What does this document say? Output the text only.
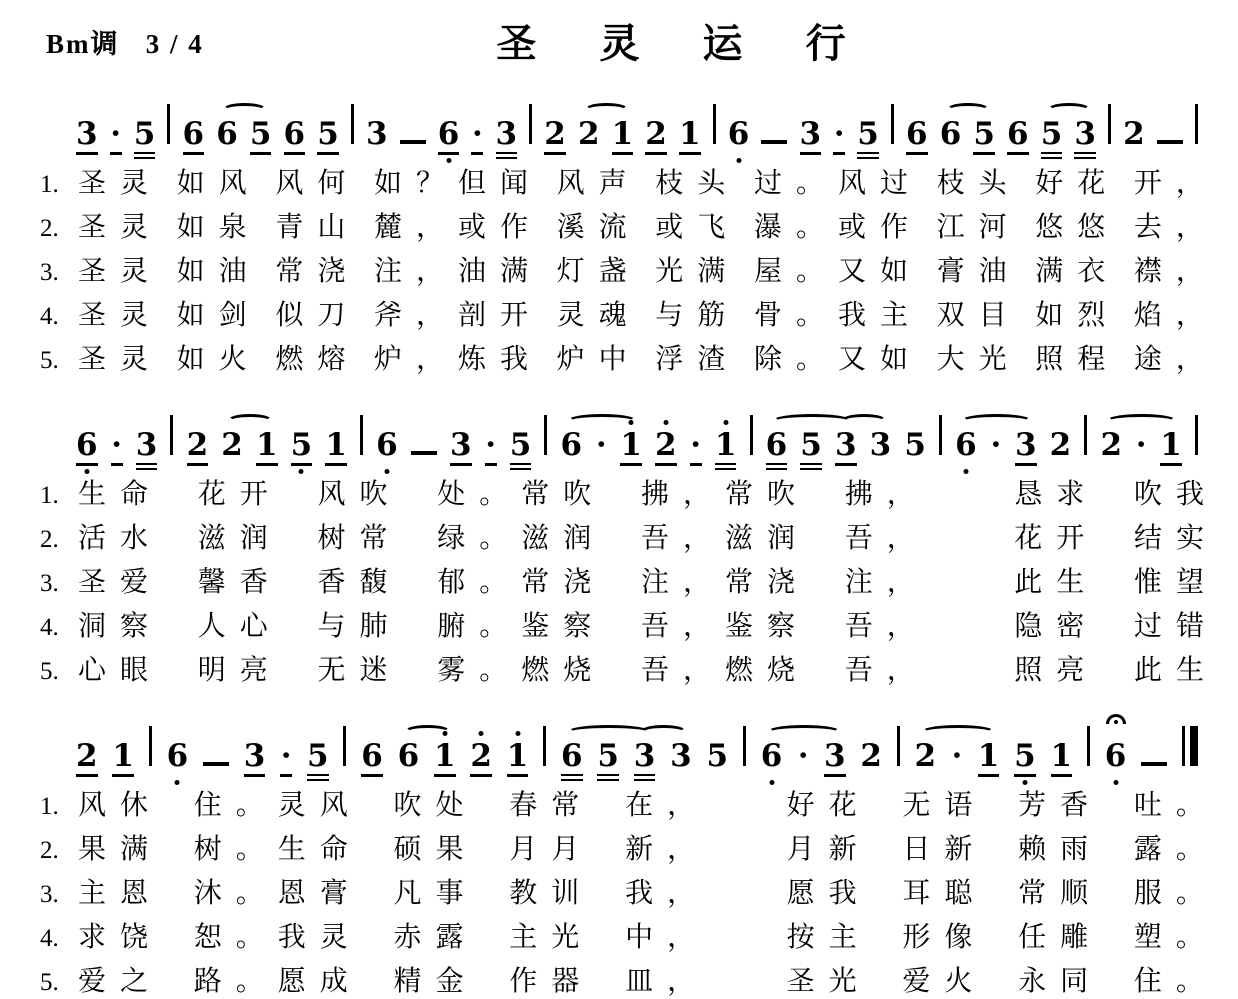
Bm调   3 / 4	圣 灵 运 行
3 · 5 6 6 5 6 5 3 6 · 3 2 2 1 2 1 6 3 · 5 6 6 5 6 5 3 2
1. 圣灵 如风 风何 如？但闻 风声 枝头 过。风过 枝头 好花 开，
2. 圣灵 如泉 青山 麓，或作 溪流 或飞 瀑。或作 江河 悠悠 去，
3. 圣灵 如油 常浇 注，油满 灯盏 光满 屋。又如 膏油 满衣 襟，
4. 圣灵 如剑 似刀 斧，剖开 灵魂 与筋 骨。我主 双目 如烈 焰，
5. 圣灵 如火 燃熔 炉，炼我 炉中 浮渣 除。又如 大光 照程 途，
6 · 3 2 2 1 5 1 6 3 · 5 6 · 1 2 · 1 6 5 3 3 5 6 · 3 2 2 · 1
1. 生命 花开 风吹 处。常吹 拂，常吹 拂，	恳求 吹我
2. 活水 滋润 树常 绿。滋润 吾，滋润 吾，	花开 结实
3. 圣爱 馨香 香馥 郁。常浇 注，常浇 注，	此生 惟望
4. 洞察 人心 与肺 腑。鉴察 吾，鉴察 吾，	隐密 过错
5. 心眼 明亮 无迷 雾。燃烧 吾，燃烧 吾，	照亮 此生
2 1 6 3 · 5 6 6 1 2 1 6 5 3 3 5 6 · 3 2 2 · 1 5 1 6
1. 风休 住。灵风 吹处 春常 在，	好花 无语 芳香 吐。
2. 果满 树。生命 硕果 月月 新，	月新 日新 赖雨 露。
3. 主恩 沐。恩膏 凡事 教训 我，	愿我 耳聪 常顺 服。
4. 求饶 恕。我灵 赤露 主光 中，	按主 形像 任雕 塑。
5. 爱之 路。愿成 精金 作器 皿，	圣光 爱火 永同 住。
